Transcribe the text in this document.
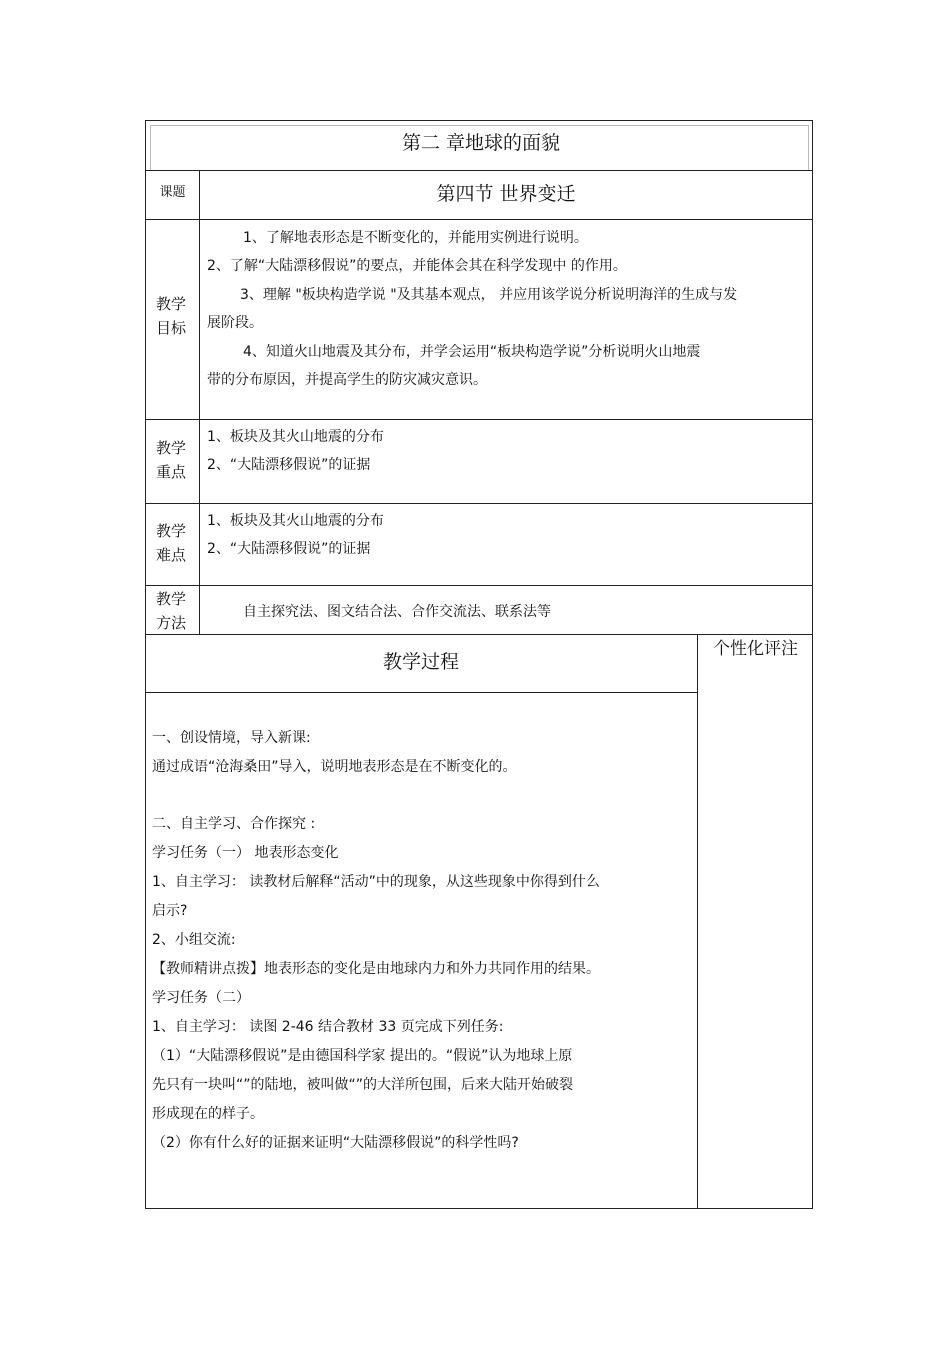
第二 章地球的面貌
课题	第四节 世界变迁
教学
目标
1、了解地表形态是不断变化的，并能用实例进行说明。
2、了解“大陆漂移假说”的要点，并能体会其在科学发现中 的作用。
3、理解 "板块构造学说 "及其基本观点， 并应用该学说分析说明海洋的生成与发
展阶段。
4、知道火山地震及其分布，并学会运用“板块构造学说”分析说明火山地震
带的分布原因，并提高学生的防灾减灾意识。
教学
重点
1、板块及其火山地震的分布
2、“大陆漂移假说”的证据
教学
难点
1、板块及其火山地震的分布
2、“大陆漂移假说”的证据
教学
方法
自主探究法、图文结合法、合作交流法、联系法等
教学过程
个性化评注
一、创设情境，导入新课:
通过成语“沧海桑田”导入，说明地表形态是在不断变化的。
二、自主学习、合作探究 :
学习任务（一） 地表形态变化
1、自主学习： 读教材后解释“活动”中的现象，从这些现象中你得到什么
启示?
2、小组交流:
【教师精讲点拨】地表形态的变化是由地球内力和外力共同作用的结果。
学习任务（二）
1、自主学习： 读图 2-46 结合教材 33 页完成下列任务:
（1）“大陆漂移假说”是由德国科学家 提出的。“假说”认为地球上原
先只有一块叫“”的陆地，被叫做“”的大洋所包围，后来大陆开始破裂
形成现在的样子。
（2）你有什么好的证据来证明“大陆漂移假说”的科学性吗?
